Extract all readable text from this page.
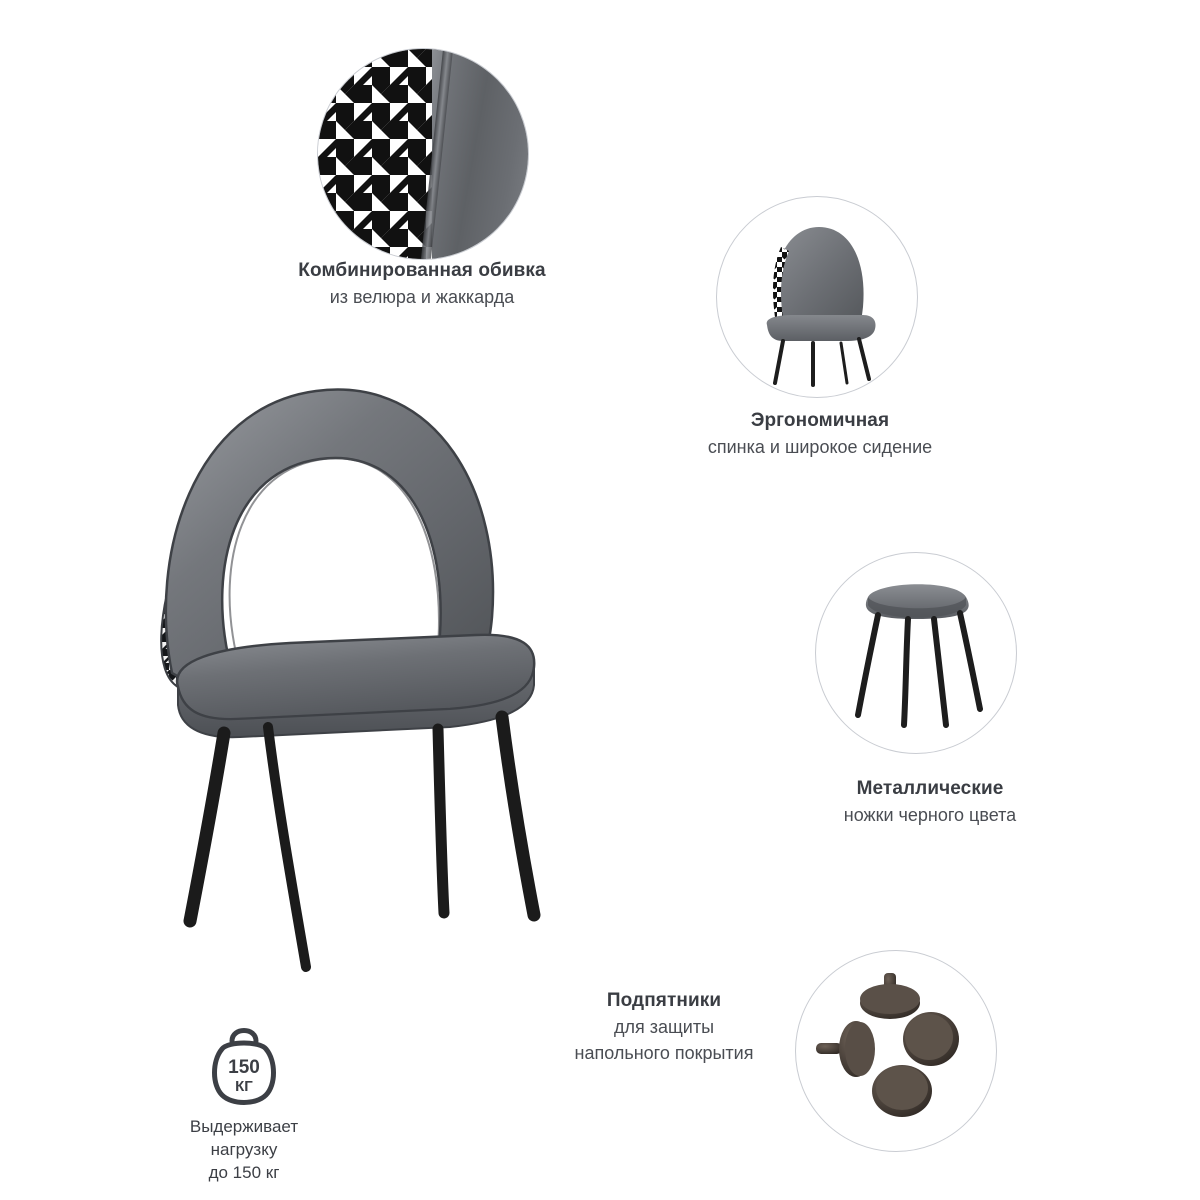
Комбинированная обивка
из велюра и жаккарда
Эргономичная
спинка и широкое сидение
Металлические
ножки черного цвета
Подпятники
для защиты
напольного покрытия
150
КГ
Выдерживает
нагрузку
до 150 кг
